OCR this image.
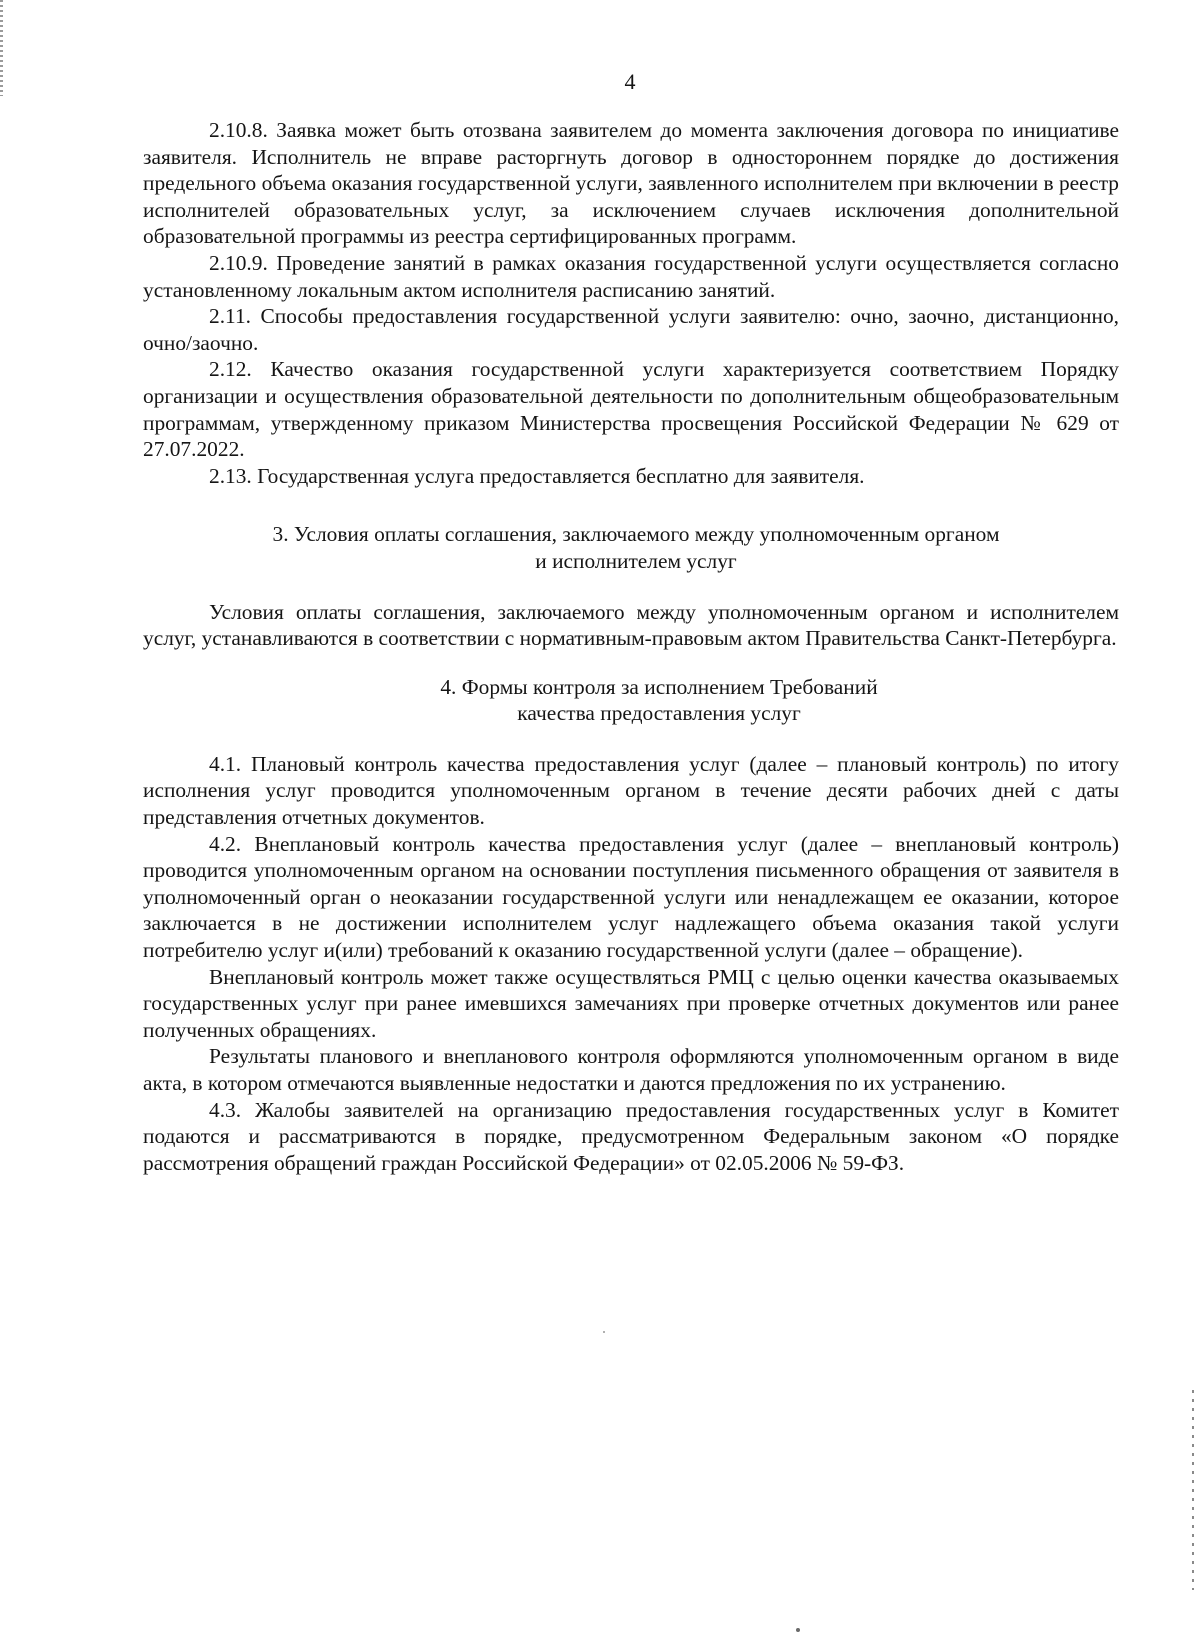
4

2.10.8. Заявка может быть отозвана заявителем до момента заключения договора по инициативе заявителя. Исполнитель не вправе расторгнуть договор в одностороннем порядке до достижения предельного объема оказания государственной услуги, заявленного исполнителем при включении в реестр исполнителей образовательных услуг, за исключением случаев исключения дополнительной образовательной программы из реестра сертифицированных программ.

2.10.9. Проведение занятий в рамках оказания государственной услуги осуществляется согласно установленному локальным актом исполнителя расписанию занятий.

2.11. Способы предоставления государственной услуги заявителю: очно, заочно, дистанционно, очно/заочно.

2.12. Качество оказания государственной услуги характеризуется соответствием Порядку организации и осуществления образовательной деятельности по дополнительным общеобразовательным программам, утвержденному приказом Министерства просвещения Российской Федерации № 629 от 27.07.2022.

2.13. Государственная услуга предоставляется бесплатно для заявителя.

3. Условия оплаты соглашения, заключаемого между уполномоченным органом
и исполнителем услуг

Условия оплаты соглашения, заключаемого между уполномоченным органом и исполнителем услуг, устанавливаются в соответствии с нормативным-правовым актом Правительства Санкт-Петербурга.

4. Формы контроля за исполнением Требований
качества предоставления услуг

4.1. Плановый контроль качества предоставления услуг (далее – плановый контроль) по итогу исполнения услуг проводится уполномоченным органом в течение десяти рабочих дней с даты представления отчетных документов.

4.2. Внеплановый контроль качества предоставления услуг (далее – внеплановый контроль) проводится уполномоченным органом на основании поступления письменного обращения от заявителя в уполномоченный орган о неоказании государственной услуги или ненадлежащем ее оказании, которое заключается в не достижении исполнителем услуг надлежащего объема оказания такой услуги потребителю услуг и(или) требований к оказанию государственной услуги (далее – обращение).

Внеплановый контроль может также осуществляться РМЦ с целью оценки качества оказываемых государственных услуг при ранее имевшихся замечаниях при проверке отчетных документов или ранее полученных обращениях.

Результаты планового и внепланового контроля оформляются уполномоченным органом в виде акта, в котором отмечаются выявленные недостатки и даются предложения по их устранению.

4.3. Жалобы заявителей на организацию предоставления государственных услуг в Комитет подаются и рассматриваются в порядке, предусмотренном Федеральным законом «О порядке рассмотрения обращений граждан Российской Федерации» от 02.05.2006 № 59-ФЗ.
